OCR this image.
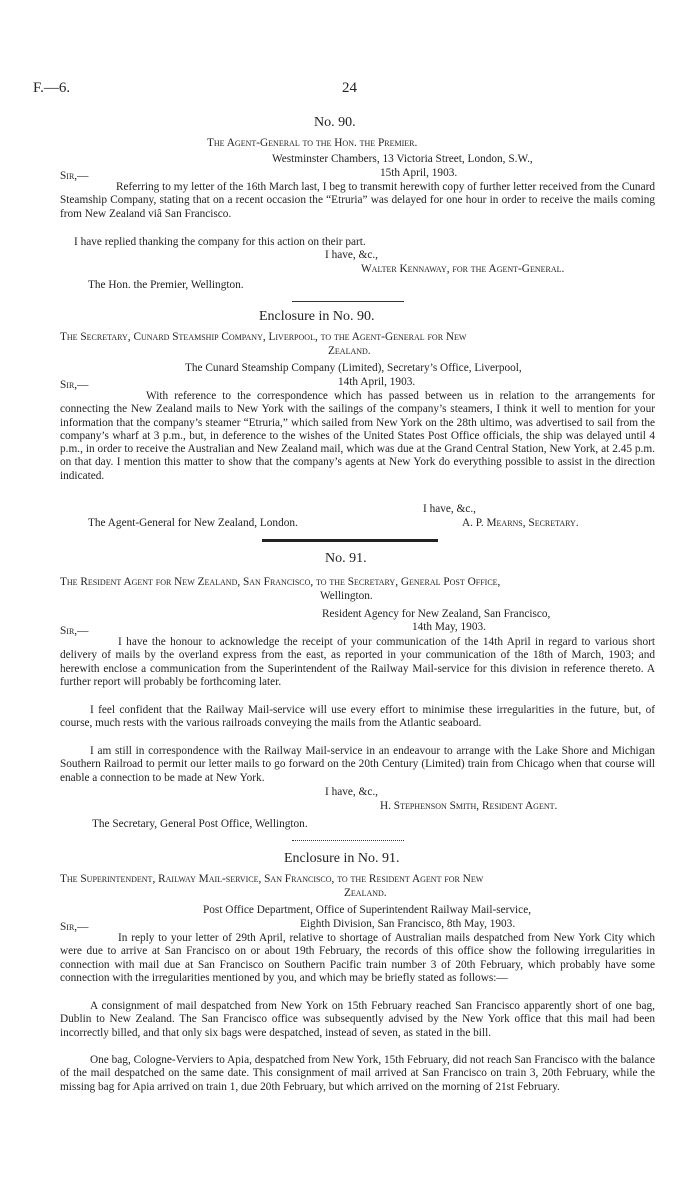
F.—6.	24
No. 90.
The Agent-General to the Hon. the Premier.
Westminster Chambers, 13 Victoria Street, London, S.W.,
15th April, 1903.
Sir,—
Referring to my letter of the 16th March last, I beg to transmit herewith copy of further letter received from the Cunard Steamship Company, stating that on a recent occasion the “Etruria” was delayed for one hour in order to receive the mails coming from New Zealand viâ San Francisco.
I have replied thanking the company for this action on their part.
I have, &c.,
Walter Kennaway, for the Agent-General.
The Hon. the Premier, Wellington.
Enclosure in No. 90.
The Secretary, Cunard Steamship Company, Liverpool, to the Agent-General for New
Zealand.
The Cunard Steamship Company (Limited), Secretary’s Office, Liverpool,
14th April, 1903.
Sir,—
With reference to the correspondence which has passed between us in relation to the arrangements for connecting the New Zealand mails to New York with the sailings of the company’s steamers, I think it well to mention for your information that the company’s steamer “Etruria,” which sailed from New York on the 28th ultimo, was advertised to sail from the company’s wharf at 3 p.m., but, in deference to the wishes of the United States Post Office officials, the ship was delayed until 4 p.m., in order to receive the Australian and New Zealand mail, which was due at the Grand Central Station, New York, at 2.45 p.m. on that day. I mention this matter to show that the company’s agents at New York do everything possible to assist in the direction indicated.
I have, &c.,
The Agent-General for New Zealand, London.	A. P. Mearns, Secretary.
No. 91.
The Resident Agent for New Zealand, San Francisco, to the Secretary, General Post Office,
Wellington.
Resident Agency for New Zealand, San Francisco,
14th May, 1903.
Sir,—
I have the honour to acknowledge the receipt of your communication of the 14th April in regard to various short delivery of mails by the overland express from the east, as reported in your communication of the 18th of March, 1903; and herewith enclose a communication from the Superintendent of the Railway Mail-service for this division in reference thereto. A further report will probably be forthcoming later.
I feel confident that the Railway Mail-service will use every effort to minimise these irregularities in the future, but, of course, much rests with the various railroads conveying the mails from the Atlantic seaboard.
I am still in correspondence with the Railway Mail-service in an endeavour to arrange with the Lake Shore and Michigan Southern Railroad to permit our letter mails to go forward on the 20th Century (Limited) train from Chicago when that course will enable a connection to be made at New York.
I have, &c.,
H. Stephenson Smith, Resident Agent.
The Secretary, General Post Office, Wellington.
Enclosure in No. 91.
The Superintendent, Railway Mail-service, San Francisco, to the Resident Agent for New
Zealand.
Post Office Department, Office of Superintendent Railway Mail-service,
Eighth Division, San Francisco, 8th May, 1903.
Sir,—
In reply to your letter of 29th April, relative to shortage of Australian mails despatched from New York City which were due to arrive at San Francisco on or about 19th February, the records of this office show the following irregularities in connection with mail due at San Francisco on Southern Pacific train number 3 of 20th February, which probably have some connection with the irregularities mentioned by you, and which may be briefly stated as follows:—
A consignment of mail despatched from New York on 15th February reached San Francisco apparently short of one bag, Dublin to New Zealand. The San Francisco office was subsequently advised by the New York office that this mail had been incorrectly billed, and that only six bags were despatched, instead of seven, as stated in the bill.
One bag, Cologne-Verviers to Apia, despatched from New York, 15th February, did not reach San Francisco with the balance of the mail despatched on the same date. This consignment of mail arrived at San Francisco on train 3, 20th February, while the missing bag for Apia arrived on train 1, due 20th February, but which arrived on the morning of 21st February.
